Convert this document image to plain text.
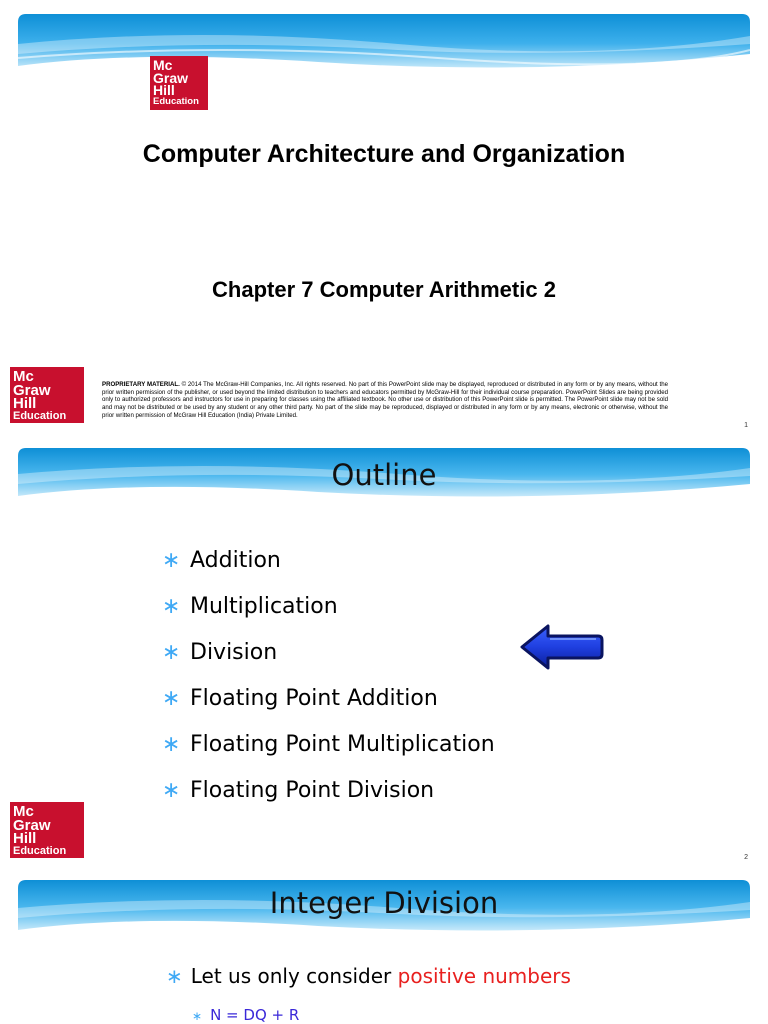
Mc
Graw
Hill
Education
Computer Architecture and Organization
Chapter 7 Computer Arithmetic 2
Mc
Graw
Hill
Education
PROPRIETARY MATERIAL. © 2014 The McGraw-Hill Companies, Inc. All rights reserved. No part of this PowerPoint slide may be displayed, reproduced or distributed in any form or by any means, without the prior written permission of the publisher, or used beyond the limited distribution to teachers and educators permitted by McGraw-Hill for their individual course preparation. PowerPoint Slides are being provided only to authorized professors and instructors for use in preparing for classes using the affiliated textbook. No other use or distribution of this PowerPoint slide is permitted. The PowerPoint slide may not be sold and may not be distributed or be used by any student or any other third party. No part of the slide may be reproduced, displayed or distributed in any form or by any means, electronic or otherwise, without the prior written permission of McGraw Hill Education (India) Private Limited.
1
Outline
∗ Addition
∗ Multiplication
∗ Division
∗ Floating Point Addition
∗ Floating Point Multiplication
∗ Floating Point Division
Mc
Graw
Hill
Education
2
Integer Division
∗ Let us only consider positive numbers
∗ N = DQ + R
